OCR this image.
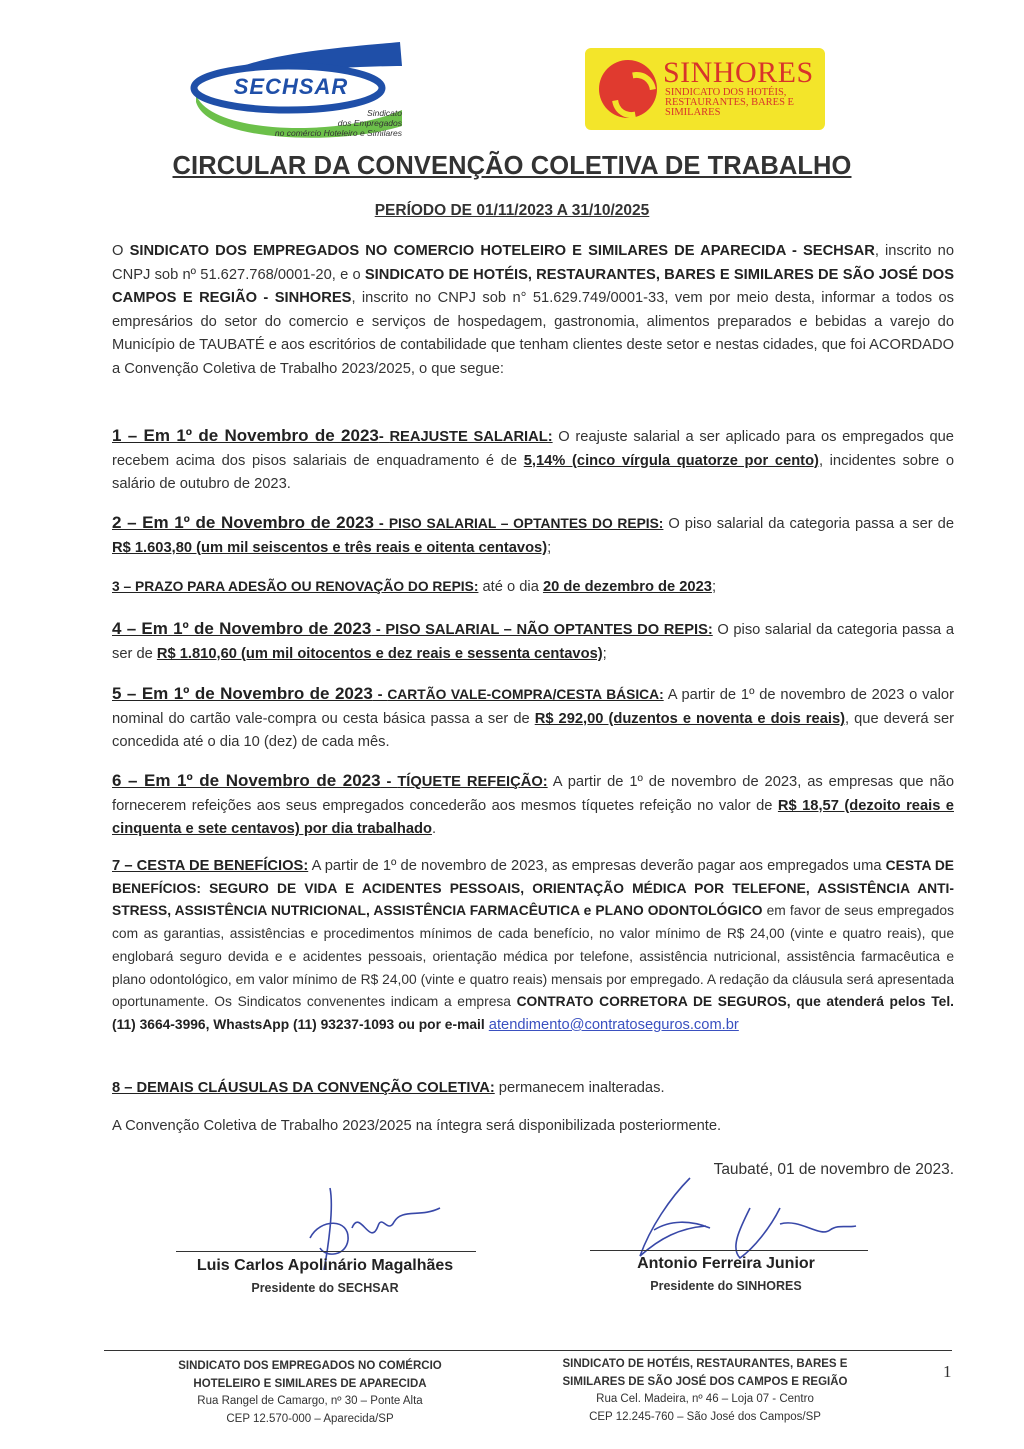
SECHSAR
Sindicato
dos Empregados
no comércio Hoteleiro e Similares
SINHORES
SINDICATO DOS HOTÉIS, RESTAURANTES, BARES E SIMILARES
CIRCULAR DA CONVENÇÃO COLETIVA DE TRABALHO
PERÍODO DE 01/11/2023 A 31/10/2025
O SINDICATO DOS EMPREGADOS NO COMERCIO HOTELEIRO E SIMILARES DE APARECIDA - SECHSAR, inscrito no CNPJ sob nº 51.627.768/0001-20, e o SINDICATO DE HOTÉIS, RESTAURANTES, BARES E SIMILARES DE SÃO JOSÉ DOS CAMPOS E REGIÃO - SINHORES, inscrito no CNPJ sob n° 51.629.749/0001-33, vem por meio desta, informar a todos os empresários do setor do comercio e serviços de hospedagem, gastronomia, alimentos preparados e bebidas a varejo do Município de TAUBATÉ e aos escritórios de contabilidade que tenham clientes deste setor e nestas cidades, que foi ACORDADO a Convenção Coletiva de Trabalho 2023/2025, o que segue:
1 – Em 1º de Novembro de 2023- REAJUSTE SALARIAL: O reajuste salarial a ser aplicado para os empregados que recebem acima dos pisos salariais de enquadramento é de 5,14% (cinco vírgula quatorze por cento), incidentes sobre o salário de outubro de 2023.
2 – Em 1º de Novembro de 2023 - PISO SALARIAL – OPTANTES DO REPIS: O piso salarial da categoria passa a ser de R$ 1.603,80 (um mil seiscentos e três reais e oitenta centavos);
3 – PRAZO PARA ADESÃO OU RENOVAÇÃO DO REPIS: até o dia 20 de dezembro de 2023;
4 – Em 1º de Novembro de 2023 - PISO SALARIAL – NÃO OPTANTES DO REPIS: O piso salarial da categoria passa a ser de R$ 1.810,60 (um mil oitocentos e dez reais e sessenta centavos);
5 – Em 1º de Novembro de 2023 - CARTÃO VALE-COMPRA/CESTA BÁSICA: A partir de 1º de novembro de 2023 o valor nominal do cartão vale-compra ou cesta básica passa a ser de R$ 292,00 (duzentos e noventa e dois reais), que deverá ser concedida até o dia 10 (dez) de cada mês.
6 – Em 1º de Novembro de 2023 - TÍQUETE REFEIÇÃO: A partir de 1º de novembro de 2023, as empresas que não fornecerem refeições aos seus empregados concederão aos mesmos tíquetes refeição no valor de R$ 18,57 (dezoito reais e cinquenta e sete centavos) por dia trabalhado.
7 – CESTA DE BENEFÍCIOS: A partir de 1º de novembro de 2023, as empresas deverão pagar aos empregados uma CESTA DE BENEFÍCIOS: SEGURO DE VIDA E ACIDENTES PESSOAIS, ORIENTAÇÃO MÉDICA POR TELEFONE, ASSISTÊNCIA ANTI-STRESS, ASSISTÊNCIA NUTRICIONAL, ASSISTÊNCIA FARMACÊUTICA e PLANO ODONTOLÓGICO em favor de seus empregados com as garantias, assistências e procedimentos mínimos de cada benefício, no valor mínimo de R$ 24,00 (vinte e quatro reais), que englobará seguro devida e e acidentes pessoais, orientação médica por telefone, assistência nutricional, assistência farmacêutica e plano odontológico, em valor mínimo de R$ 24,00 (vinte e quatro reais) mensais por empregado. A redação da cláusula será apresentada oportunamente. Os Sindicatos convenentes indicam a empresa CONTRATO CORRETORA DE SEGUROS, que atenderá pelos Tel. (11) 3664-3996, WhastsApp (11) 93237-1093 ou por e-mail atendimento@contratoseguros.com.br
8 – DEMAIS CLÁUSULAS DA CONVENÇÃO COLETIVA: permanecem inalteradas.
A Convenção Coletiva de Trabalho 2023/2025 na íntegra será disponibilizada posteriormente.
Taubaté, 01 de novembro de 2023.
Luis Carlos Apolinário Magalhães
Presidente do SECHSAR
Antonio Ferreira Junior
Presidente do SINHORES
SINDICATO DOS EMPREGADOS NO COMÉRCIO
HOTELEIRO E SIMILARES DE APARECIDA
Rua Rangel de Camargo, nº 30 – Ponte Alta
CEP 12.570-000 – Aparecida/SP
SINDICATO DE HOTÉIS, RESTAURANTES, BARES E
SIMILARES DE SÃO JOSÉ DOS CAMPOS E REGIÃO
Rua Cel. Madeira, nº 46 – Loja 07 - Centro
CEP 12.245-760 – São José dos Campos/SP
1
